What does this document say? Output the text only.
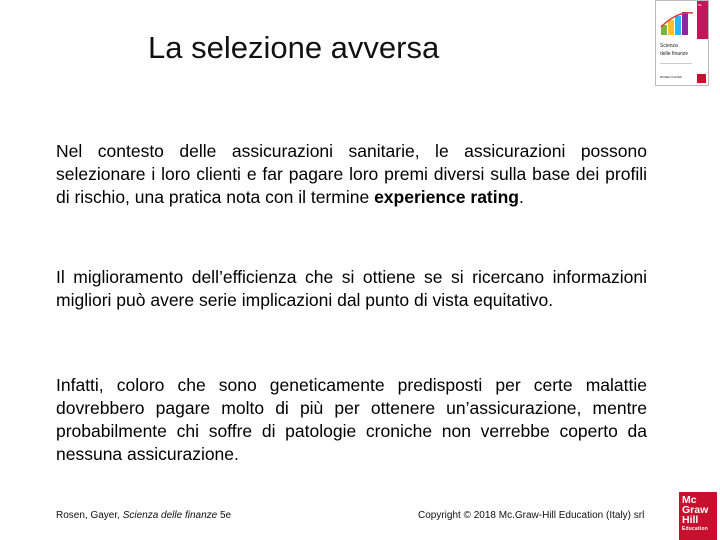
La selezione avversa
5E
Scienza
delle finanze
ROSEN GAYER

Nel contesto delle assicurazioni sanitarie, le assicurazioni possono selezionare i loro clienti e far pagare loro premi diversi sulla base dei profili di rischio, una pratica nota con il termine experience rating.

Il miglioramento dell’efficienza che si ottiene se si ricercano informazioni migliori può avere serie implicazioni dal punto di vista equitativo.

Infatti, coloro che sono geneticamente predisposti per certe malattie dovrebbero pagare molto di più per ottenere un’assicurazione, mentre probabilmente chi soffre di patologie croniche non verrebbe coperto da nessuna assicurazione.

Rosen, Gayer, Scienza delle finanze 5e	Copyright © 2018 Mc.Graw-Hill Education (Italy) srl
Mc
Graw
Hill
Education
